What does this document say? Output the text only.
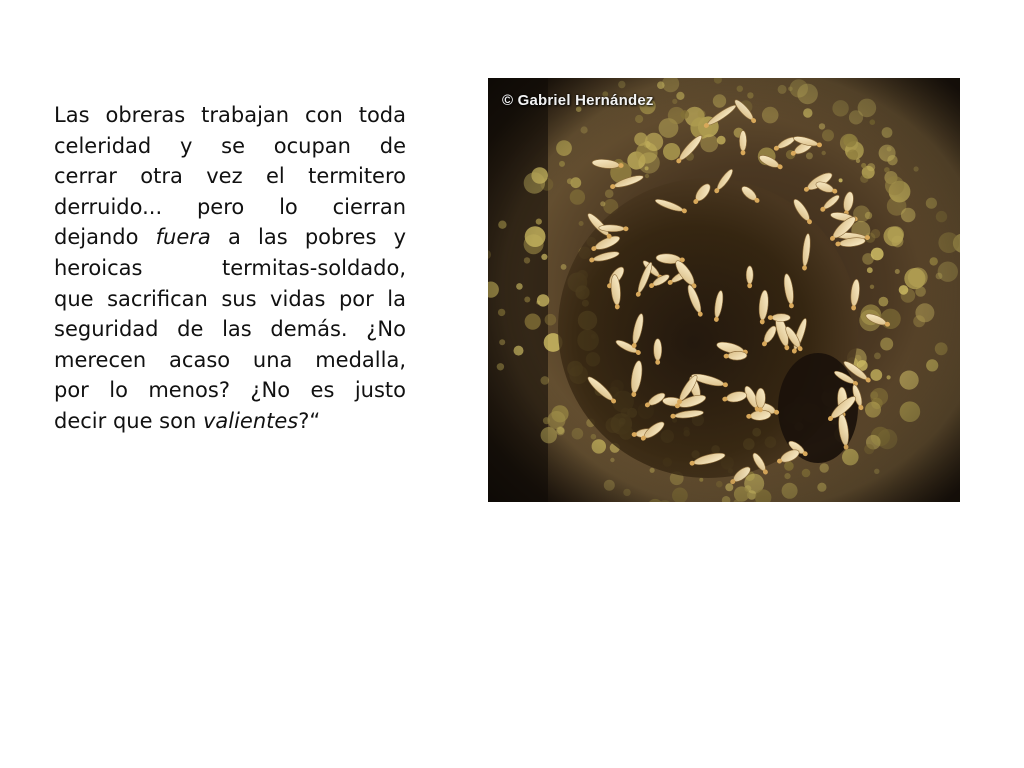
Las obreras trabajan con toda
celeridad y se ocupan de
cerrar otra vez el termitero
derruido... pero lo cierran
dejando fuera a las pobres y
heroicas termitas-soldado,
que sacrifican sus vidas por la
seguridad de las demás. ¿No
merecen acaso una medalla,
por lo menos? ¿No es justo
decir que son valientes?“
© Gabriel Hernández
